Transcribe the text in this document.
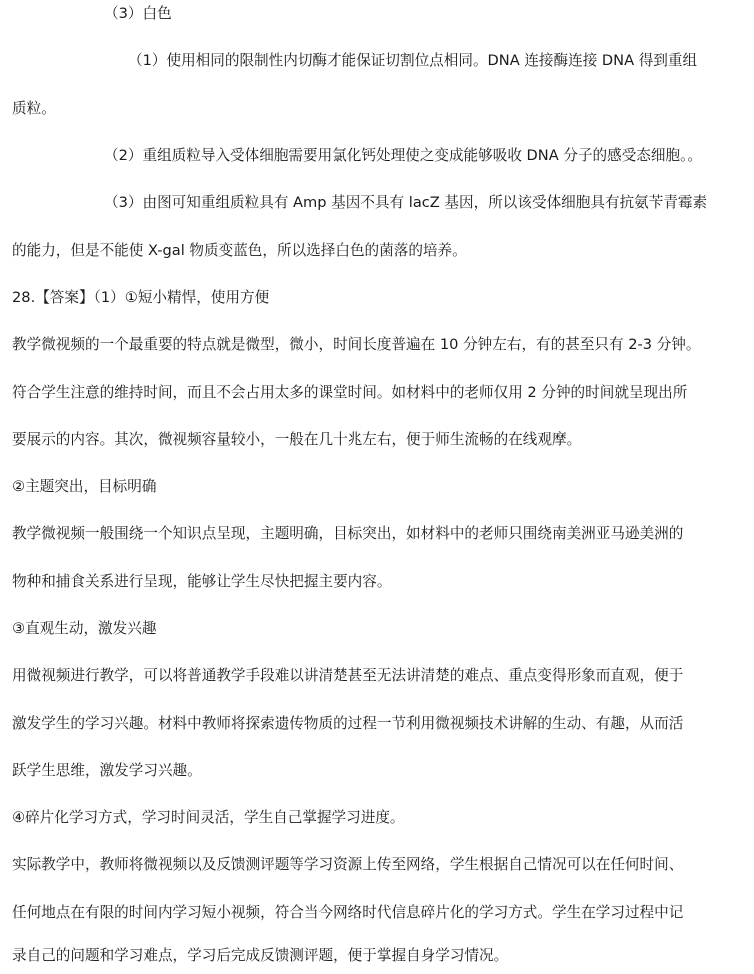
（3）白色
（1）使用相同的限制性内切酶才能保证切割位点相同。DNA 连接酶连接 DNA 得到重组
质粒。
（2）重组质粒导入受体细胞需要用氯化钙处理使之变成能够吸收 DNA 分子的感受态细胞。。
（3）由图可知重组质粒具有 Amp 基因不具有 lacZ 基因，所以该受体细胞具有抗氨苄青霉素
的能力，但是不能使 X-gal 物质变蓝色，所以选择白色的菌落的培养。
28.【答案】（1）①短小精悍，使用方便
教学微视频的一个最重要的特点就是微型，微小，时间长度普遍在 10 分钟左右，有的甚至只有 2-3 分钟。
符合学生注意的维持时间，而且不会占用太多的课堂时间。如材料中的老师仅用 2 分钟的时间就呈现出所
要展示的内容。其次，微视频容量较小，一般在几十兆左右，便于师生流畅的在线观摩。
②主题突出，目标明确
教学微视频一般围绕一个知识点呈现，主题明确，目标突出，如材料中的老师只围绕南美洲亚马逊美洲的
物种和捕食关系进行呈现，能够让学生尽快把握主要内容。
③直观生动，激发兴趣
用微视频进行教学，可以将普通教学手段难以讲清楚甚至无法讲清楚的难点、重点变得形象而直观，便于
激发学生的学习兴趣。材料中教师将探索遗传物质的过程一节利用微视频技术讲解的生动、有趣，从而活
跃学生思维，激发学习兴趣。
④碎片化学习方式，学习时间灵活，学生自己掌握学习进度。
实际教学中，教师将微视频以及反馈测评题等学习资源上传至网络，学生根据自己情况可以在任何时间、
任何地点在有限的时间内学习短小视频，符合当今网络时代信息碎片化的学习方式。学生在学习过程中记
录自己的问题和学习难点，学习后完成反馈测评题，便于掌握自身学习情况。
